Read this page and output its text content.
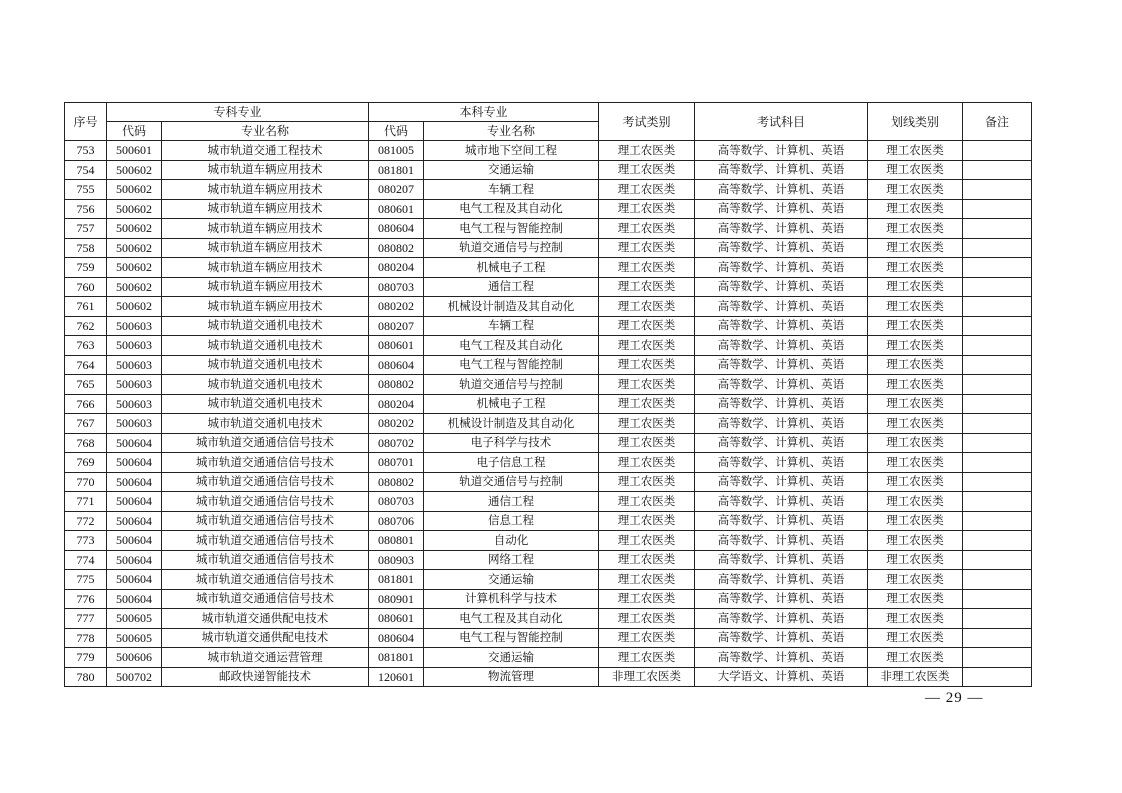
序号	专科专业		本科专业		考试类别	考试科目	划线类别	备注
	代码	专业名称	代码	专业名称				
753	500601	城市轨道交通工程技术	081005	城市地下空间工程	理工农医类	高等数学、计算机、英语	理工农医类	
754	500602	城市轨道车辆应用技术	081801	交通运输	理工农医类	高等数学、计算机、英语	理工农医类	
755	500602	城市轨道车辆应用技术	080207	车辆工程	理工农医类	高等数学、计算机、英语	理工农医类	
756	500602	城市轨道车辆应用技术	080601	电气工程及其自动化	理工农医类	高等数学、计算机、英语	理工农医类	
757	500602	城市轨道车辆应用技术	080604	电气工程与智能控制	理工农医类	高等数学、计算机、英语	理工农医类	
758	500602	城市轨道车辆应用技术	080802	轨道交通信号与控制	理工农医类	高等数学、计算机、英语	理工农医类	
759	500602	城市轨道车辆应用技术	080204	机械电子工程	理工农医类	高等数学、计算机、英语	理工农医类	
760	500602	城市轨道车辆应用技术	080703	通信工程	理工农医类	高等数学、计算机、英语	理工农医类	
761	500602	城市轨道车辆应用技术	080202	机械设计制造及其自动化	理工农医类	高等数学、计算机、英语	理工农医类	
762	500603	城市轨道交通机电技术	080207	车辆工程	理工农医类	高等数学、计算机、英语	理工农医类	
763	500603	城市轨道交通机电技术	080601	电气工程及其自动化	理工农医类	高等数学、计算机、英语	理工农医类	
764	500603	城市轨道交通机电技术	080604	电气工程与智能控制	理工农医类	高等数学、计算机、英语	理工农医类	
765	500603	城市轨道交通机电技术	080802	轨道交通信号与控制	理工农医类	高等数学、计算机、英语	理工农医类	
766	500603	城市轨道交通机电技术	080204	机械电子工程	理工农医类	高等数学、计算机、英语	理工农医类	
767	500603	城市轨道交通机电技术	080202	机械设计制造及其自动化	理工农医类	高等数学、计算机、英语	理工农医类	
768	500604	城市轨道交通通信信号技术	080702	电子科学与技术	理工农医类	高等数学、计算机、英语	理工农医类	
769	500604	城市轨道交通通信信号技术	080701	电子信息工程	理工农医类	高等数学、计算机、英语	理工农医类	
770	500604	城市轨道交通通信信号技术	080802	轨道交通信号与控制	理工农医类	高等数学、计算机、英语	理工农医类	
771	500604	城市轨道交通通信信号技术	080703	通信工程	理工农医类	高等数学、计算机、英语	理工农医类	
772	500604	城市轨道交通通信信号技术	080706	信息工程	理工农医类	高等数学、计算机、英语	理工农医类	
773	500604	城市轨道交通通信信号技术	080801	自动化	理工农医类	高等数学、计算机、英语	理工农医类	
774	500604	城市轨道交通通信信号技术	080903	网络工程	理工农医类	高等数学、计算机、英语	理工农医类	
775	500604	城市轨道交通通信信号技术	081801	交通运输	理工农医类	高等数学、计算机、英语	理工农医类	
776	500604	城市轨道交通通信信号技术	080901	计算机科学与技术	理工农医类	高等数学、计算机、英语	理工农医类	
777	500605	城市轨道交通供配电技术	080601	电气工程及其自动化	理工农医类	高等数学、计算机、英语	理工农医类	
778	500605	城市轨道交通供配电技术	080604	电气工程与智能控制	理工农医类	高等数学、计算机、英语	理工农医类	
779	500606	城市轨道交通运营管理	081801	交通运输	理工农医类	高等数学、计算机、英语	理工农医类	
780	500702	邮政快递智能技术	120601	物流管理	非理工农医类	大学语文、计算机、英语	非理工农医类	
— 29 —
